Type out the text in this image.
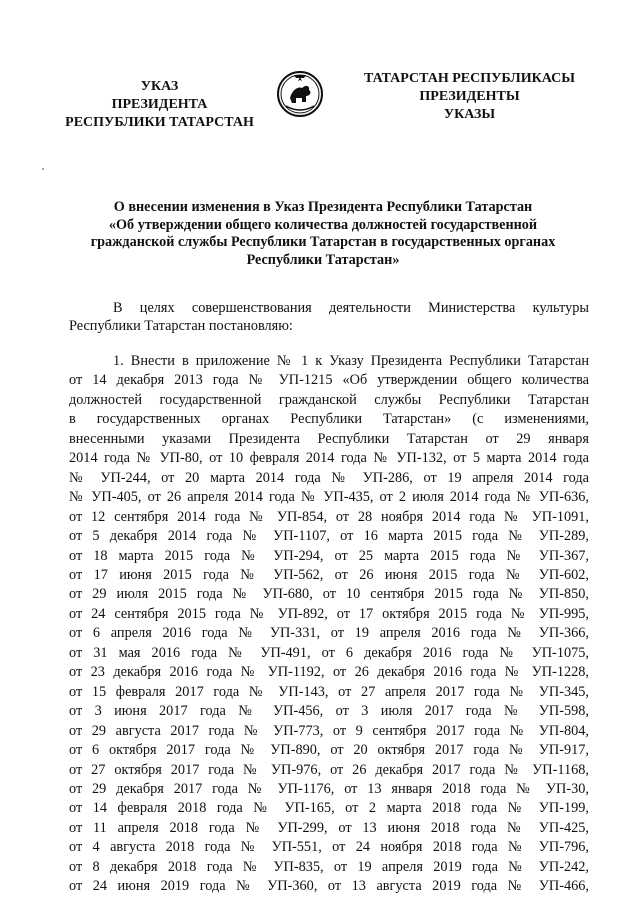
УКАЗ
ПРЕЗИДЕНТА
РЕСПУБЛИКИ ТАТАРСТАН
ТАТАРСТАН РЕСПУБЛИКАСЫ
ПРЕЗИДЕНТЫ
УКАЗЫ
О внесении изменения в Указ Президента Республики Татарстан
«Об утверждении общего количества должностей государственной
гражданской службы Республики Татарстан в государственных органах
Республики Татарстан»
В целях совершенствования деятельности Министерства культуры
Республики Татарстан постановляю:
1. Внести в приложение № 1 к Указу Президента Республики Татарстан
от 14 декабря 2013 года № УП-1215 «Об утверждении общего количества
должностей государственной гражданской службы Республики Татарстан
в государственных органах Республики Татарстан» (с изменениями,
внесенными указами Президента Республики Татарстан от 29 января
2014 года № УП-80, от 10 февраля 2014 года № УП-132, от 5 марта 2014 года
№ УП-244, от 20 марта 2014 года № УП-286, от 19 апреля 2014 года
№ УП-405, от 26 апреля 2014 года № УП-435, от 2 июля 2014 года № УП-636,
от 12 сентября 2014 года № УП-854, от 28 ноября 2014 года № УП-1091,
от 5 декабря 2014 года № УП-1107, от 16 марта 2015 года № УП-289,
от 18 марта 2015 года № УП-294, от 25 марта 2015 года № УП-367,
от 17 июня 2015 года № УП-562, от 26 июня 2015 года № УП-602,
от 29 июля 2015 года № УП-680, от 10 сентября 2015 года № УП-850,
от 24 сентября 2015 года № УП-892, от 17 октября 2015 года № УП-995,
от 6 апреля 2016 года № УП-331, от 19 апреля 2016 года № УП-366,
от 31 мая 2016 года № УП-491, от 6 декабря 2016 года № УП-1075,
от 23 декабря 2016 года № УП-1192, от 26 декабря 2016 года № УП-1228,
от 15 февраля 2017 года № УП-143, от 27 апреля 2017 года № УП-345,
от 3 июня 2017 года № УП-456, от 3 июля 2017 года № УП-598,
от 29 августа 2017 года № УП-773, от 9 сентября 2017 года № УП-804,
от 6 октября 2017 года № УП-890, от 20 октября 2017 года № УП-917,
от 27 октября 2017 года № УП-976, от 26 декабря 2017 года № УП-1168,
от 29 декабря 2017 года № УП-1176, от 13 января 2018 года № УП-30,
от 14 февраля 2018 года № УП-165, от 2 марта 2018 года № УП-199,
от 11 апреля 2018 года № УП-299, от 13 июня 2018 года № УП-425,
от 4 августа 2018 года № УП-551, от 24 ноября 2018 года № УП-796,
от 8 декабря 2018 года № УП-835, от 19 апреля 2019 года № УП-242,
от 24 июня 2019 года № УП-360, от 13 августа 2019 года № УП-466,
